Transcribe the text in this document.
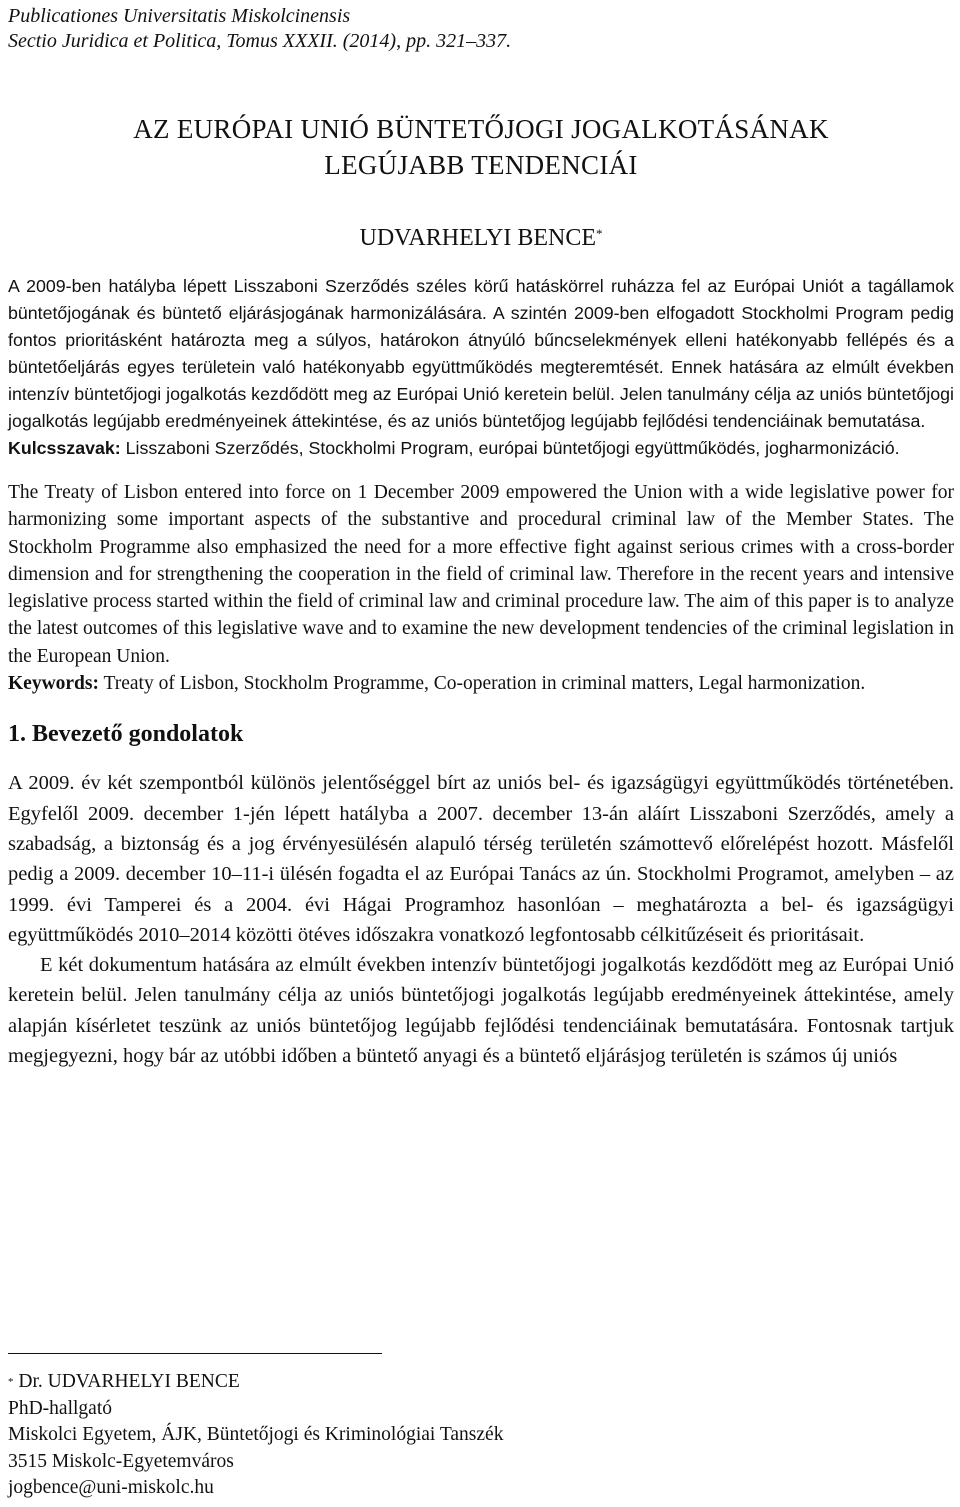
Publicationes Universitatis Miskolcinensis
Sectio Juridica et Politica, Tomus XXXII. (2014), pp. 321–337.
AZ EURÓPAI UNIÓ BÜNTETŐJOGI JOGALKOTÁSÁNAK
LEGÚJABB TENDENCIÁI
UDVARHELYI BENCE*
A 2009-ben hatályba lépett Lisszaboni Szerződés széles körű hatáskörrel ruházza fel az Európai Uniót a tagállamok büntetőjogának és büntető eljárásjogának harmonizálására. A szintén 2009-ben elfogadott Stockholmi Program pedig fontos prioritásként határozta meg a súlyos, határokon átnyúló bűncselekmények elleni hatékonyabb fellépés és a büntetőeljárás egyes területein való hatékonyabb együttműködés megteremtését. Ennek hatására az elmúlt években intenzív büntetőjogi jogalkotás kezdődött meg az Európai Unió keretein belül. Jelen tanulmány célja az uniós büntetőjogi jogalkotás legújabb eredményeinek áttekintése, és az uniós büntetőjog legújabb fejlődési tendenciáinak bemutatása.
Kulcsszavak: Lisszaboni Szerződés, Stockholmi Program, európai büntetőjogi együttműködés, jogharmonizáció.
The Treaty of Lisbon entered into force on 1 December 2009 empowered the Union with a wide legislative power for harmonizing some important aspects of the substantive and procedural criminal law of the Member States. The Stockholm Programme also emphasized the need for a more effective fight against serious crimes with a cross-border dimension and for strengthening the cooperation in the field of criminal law. Therefore in the recent years and intensive legislative process started within the field of criminal law and criminal procedure law. The aim of this paper is to analyze the latest outcomes of this legislative wave and to examine the new development tendencies of the criminal legislation in the European Union.
Keywords: Treaty of Lisbon, Stockholm Programme, Co-operation in criminal matters, Legal harmonization.
1. Bevezető gondolatok

A 2009. év két szempontból különös jelentőséggel bírt az uniós bel- és igazságügyi együttműködés történetében. Egyfelől 2009. december 1-jén lépett hatályba a 2007. december 13-án aláírt Lisszaboni Szerződés, amely a szabadság, a biztonság és a jog érvényesülésén alapuló térség területén számottevő előrelépést hozott. Másfelől pedig a 2009. december 10–11-i ülésén fogadta el az Európai Tanács az ún. Stockholmi Programot, amelyben – az 1999. évi Tamperei és a 2004. évi Hágai Programhoz hasonlóan – meghatározta a bel- és igazságügyi együttműködés 2010–2014 közötti ötéves időszakra vonatkozó legfontosabb célkitűzéseit és prioritásait.

E két dokumentum hatására az elmúlt években intenzív büntetőjogi jogalkotás kezdődött meg az Európai Unió keretein belül. Jelen tanulmány célja az uniós büntetőjogi jogalkotás legújabb eredményeinek áttekintése, amely alapján kísérletet teszünk az uniós büntetőjog legújabb fejlődési tendenciáinak bemutatására. Fontosnak tartjuk megjegyezni, hogy bár az utóbbi időben a büntető anyagi és a büntető eljárásjog területén is számos új uniós

* Dr. UDVARHELYI BENCE
PhD-hallgató
Miskolci Egyetem, ÁJK, Büntetőjogi és Kriminológiai Tanszék
3515 Miskolc-Egyetemváros
jogbence@uni-miskolc.hu
